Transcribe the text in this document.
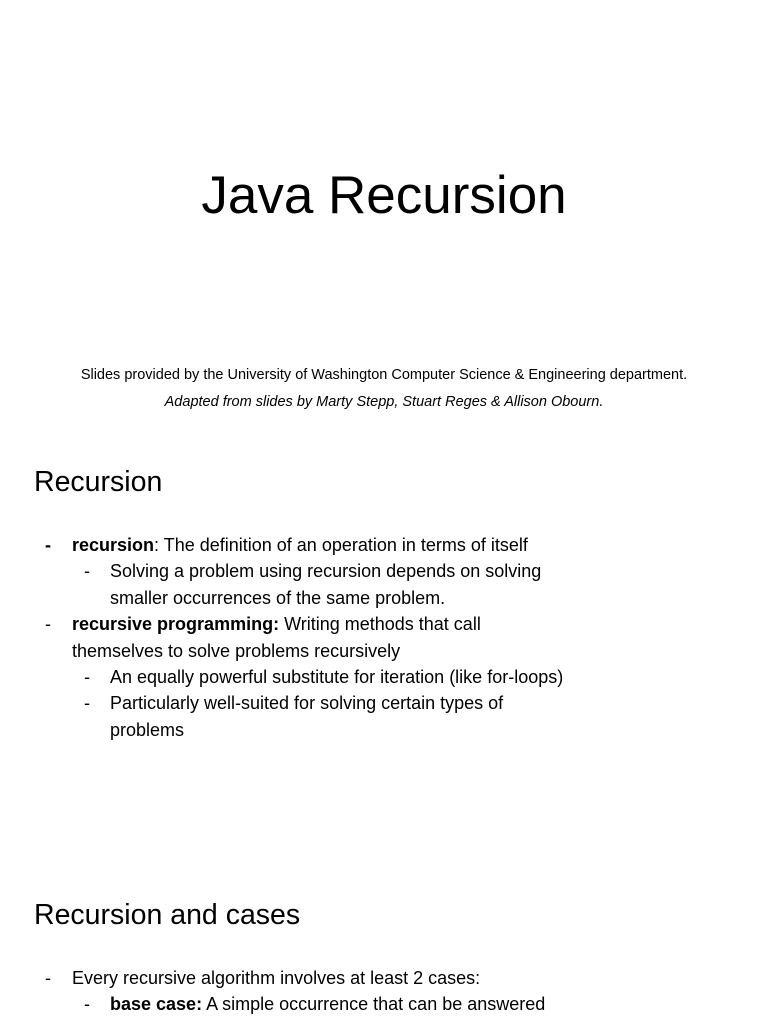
Java Recursion
Slides provided by the University of Washington Computer Science & Engineering department.
Adapted from slides by Marty Stepp, Stuart Reges & Allison Obourn.
Recursion
-	recursion: The definition of an operation in terms of itself
-	Solving a problem using recursion depends on solving smaller occurrences of the same problem.
-	recursive programming: Writing methods that call themselves to solve problems recursively
-	An equally powerful substitute for iteration (like for-loops)
-	Particularly well-suited for solving certain types of problems
Recursion and cases
-	Every recursive algorithm involves at least 2 cases:
-	base case: A simple occurrence that can be answered
